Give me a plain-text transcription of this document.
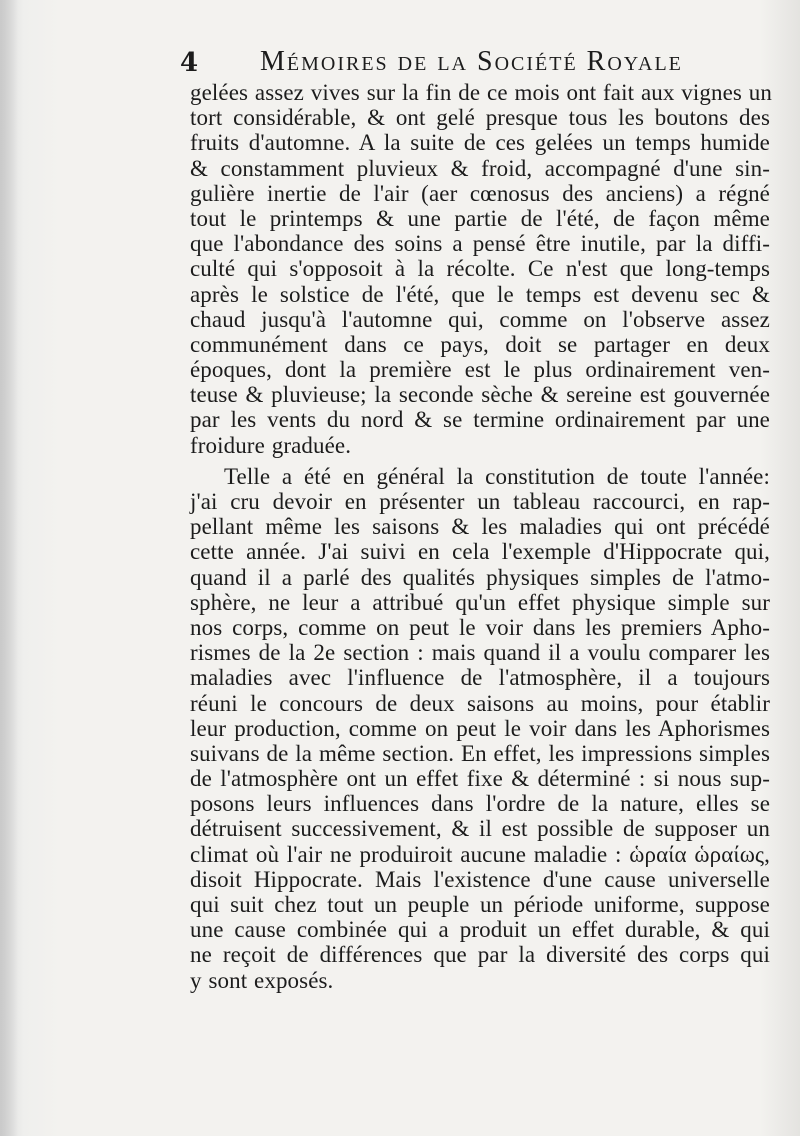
4 Mémoires de la Société Royale
gelées assez vives sur la fin de ce mois ont fait aux vignes un
tort considérable, & ont gelé presque tous les boutons des
fruits d'automne. A la suite de ces gelées un temps humide
& constamment pluvieux & froid, accompagné d'une sin-
gulière inertie de l'air (aer cœnosus des anciens) a régné
tout le printemps & une partie de l'été, de façon même
que l'abondance des soins a pensé être inutile, par la diffi-
culté qui s'opposoit à la récolte. Ce n'est que long-temps
après le solstice de l'été, que le temps est devenu sec &
chaud jusqu'à l'automne qui, comme on l'observe assez
communément dans ce pays, doit se partager en deux
époques, dont la première est le plus ordinairement ven-
teuse & pluvieuse; la seconde sèche & sereine est gouvernée
par les vents du nord & se termine ordinairement par une
froidure graduée.
Telle a été en général la constitution de toute l'année:
j'ai cru devoir en présenter un tableau raccourci, en rap-
pellant même les saisons & les maladies qui ont précédé
cette année. J'ai suivi en cela l'exemple d'Hippocrate qui,
quand il a parlé des qualités physiques simples de l'atmo-
sphère, ne leur a attribué qu'un effet physique simple sur
nos corps, comme on peut le voir dans les premiers Apho-
rismes de la 2e section : mais quand il a voulu comparer les
maladies avec l'influence de l'atmosphère, il a toujours
réuni le concours de deux saisons au moins, pour établir
leur production, comme on peut le voir dans les Aphorismes
suivans de la même section. En effet, les impressions simples
de l'atmosphère ont un effet fixe & déterminé : si nous sup-
posons leurs influences dans l'ordre de la nature, elles se
détruisent successivement, & il est possible de supposer un
climat où l'air ne produiroit aucune maladie : ὡραία ὡραίως,
disoit Hippocrate. Mais l'existence d'une cause universelle
qui suit chez tout un peuple un période uniforme, suppose
une cause combinée qui a produit un effet durable, & qui
ne reçoit de différences que par la diversité des corps qui
y sont exposés.
